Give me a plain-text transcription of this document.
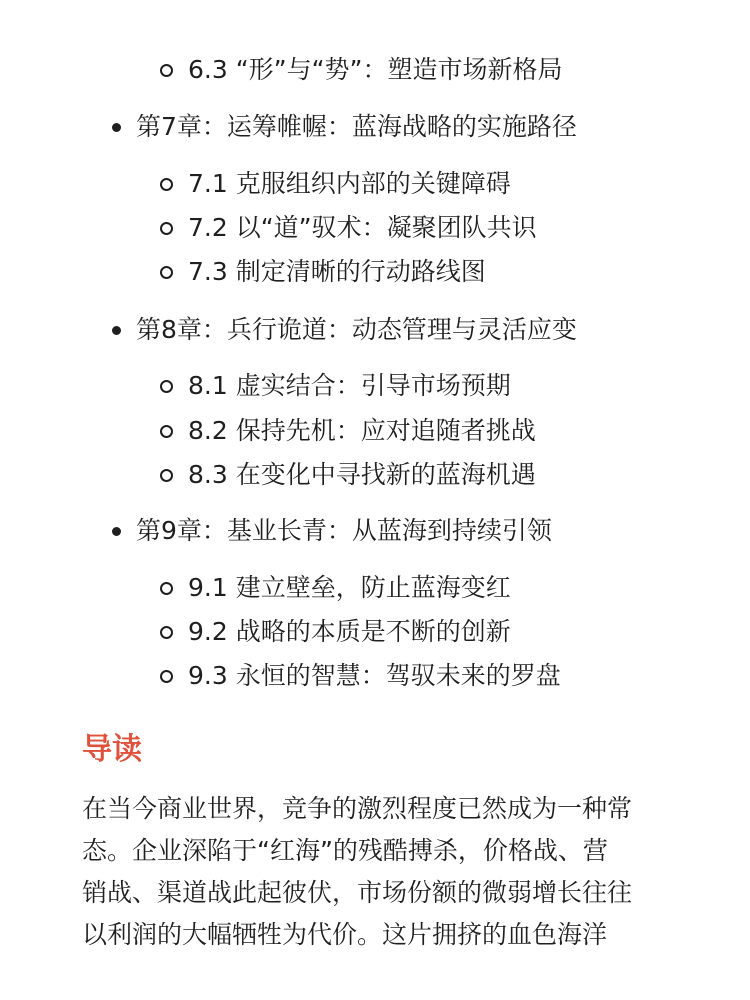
6.3 “形”与“势”：塑造市场新格局
第7章：运筹帷幄：蓝海战略的实施路径
7.1 克服组织内部的关键障碍
7.2 以“道”驭术：凝聚团队共识
7.3 制定清晰的行动路线图
第8章：兵行诡道：动态管理与灵活应变
8.1 虚实结合：引导市场预期
8.2 保持先机：应对追随者挑战
8.3 在变化中寻找新的蓝海机遇
第9章：基业长青：从蓝海到持续引领
9.1 建立壁垒，防止蓝海变红
9.2 战略的本质是不断的创新
9.3 永恒的智慧：驾驭未来的罗盘
导读

在当今商业世界，竞争的激烈程度已然成为一种常
态。企业深陷于“红海”的残酷搏杀，价格战、营
销战、渠道战此起彼伏，市场份额的微弱增长往往
以利润的大幅牺牲为代价。这片拥挤的血色海洋
